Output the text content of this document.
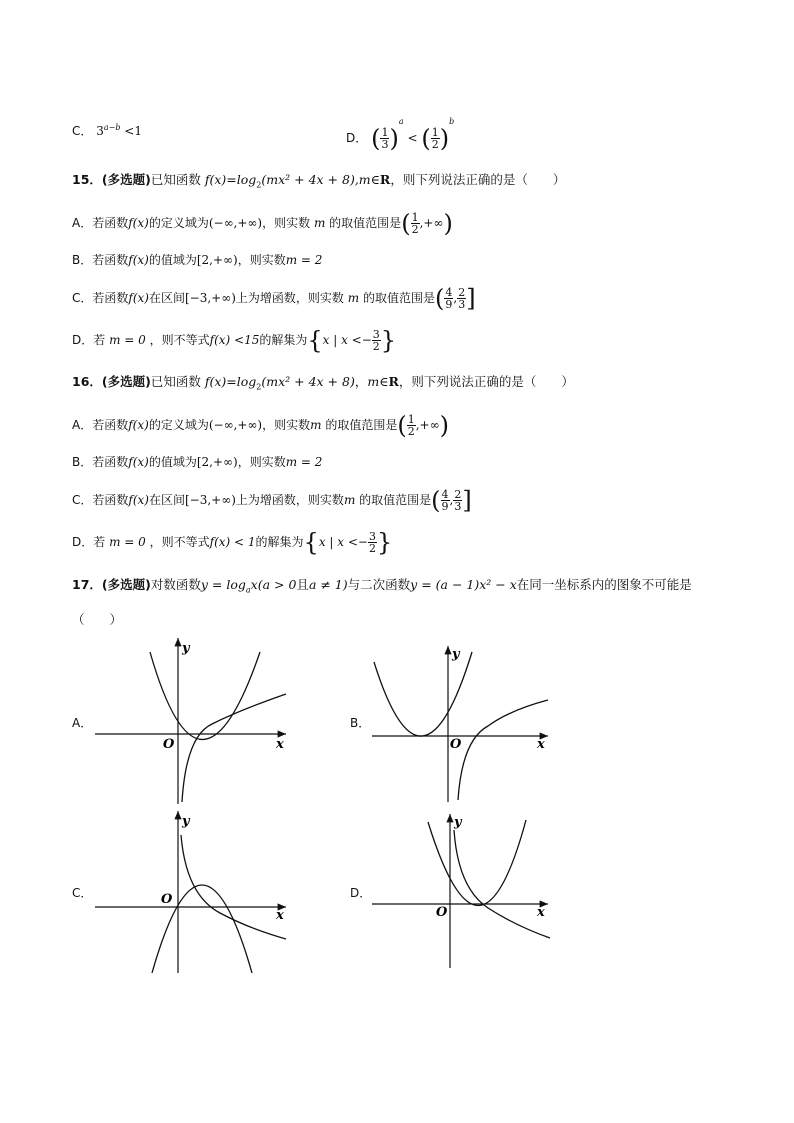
C． $3^{a-b} <1$	D． ( $\frac{1}{3} )^a$ < ( $\frac{1}{2} )^b$
15．(多选题)已知函数 $f(x)=\log_2(mx^2 + 4x$ + 8),m∈R，则下列说法正确的是（　　）
A．若函数f(x)的定义域为(−∞,+∞)，则实数 m 的取值范围是( $\frac{1}{2}$ ,+∞)
B．若函数f(x)的值域为[2,+∞)，则实数m = 2
C．若函数f(x)在区间[−3,+∞)上为增函数，则实数 m 的取值范围是( $\frac{4}{9}$ , $\frac{2}{3}$ ]
D．若 m = 0 ，则不等式f(x) <15的解集为{x | $x <- \frac{3}{2}$ }
16．(多选题)已知函数 $f(x)=\log_2(mx^2 + 4x + 8)$，m∈R，则下列说法正确的是（　　）
A．若函数f(x)的定义域为(−∞,+∞)，则实数m 的取值范围是( $\frac{1}{2}$ ,+∞)
B．若函数f(x)的值域为[2,+∞)，则实数m = 2
C．若函数f(x)在区间[−3,+∞)上为增函数，则实数m 的取值范围是( $\frac{4}{9}$ , $\frac{2}{3}$ ]
D．若 m = 0 ，则不等式f(x) < 1的解集为{x | $x <- \frac{3}{2}$ }
17．(多选题)对数函数$y = \log_ax(a > 0$且a ≠ 1)与二次函数y = (a − 1)x² − x在同一坐标系内的图象不可能是
（　　）
A．	B．
C．	D．
y
x
O
y
x
O
y
x
O
y
x
O
